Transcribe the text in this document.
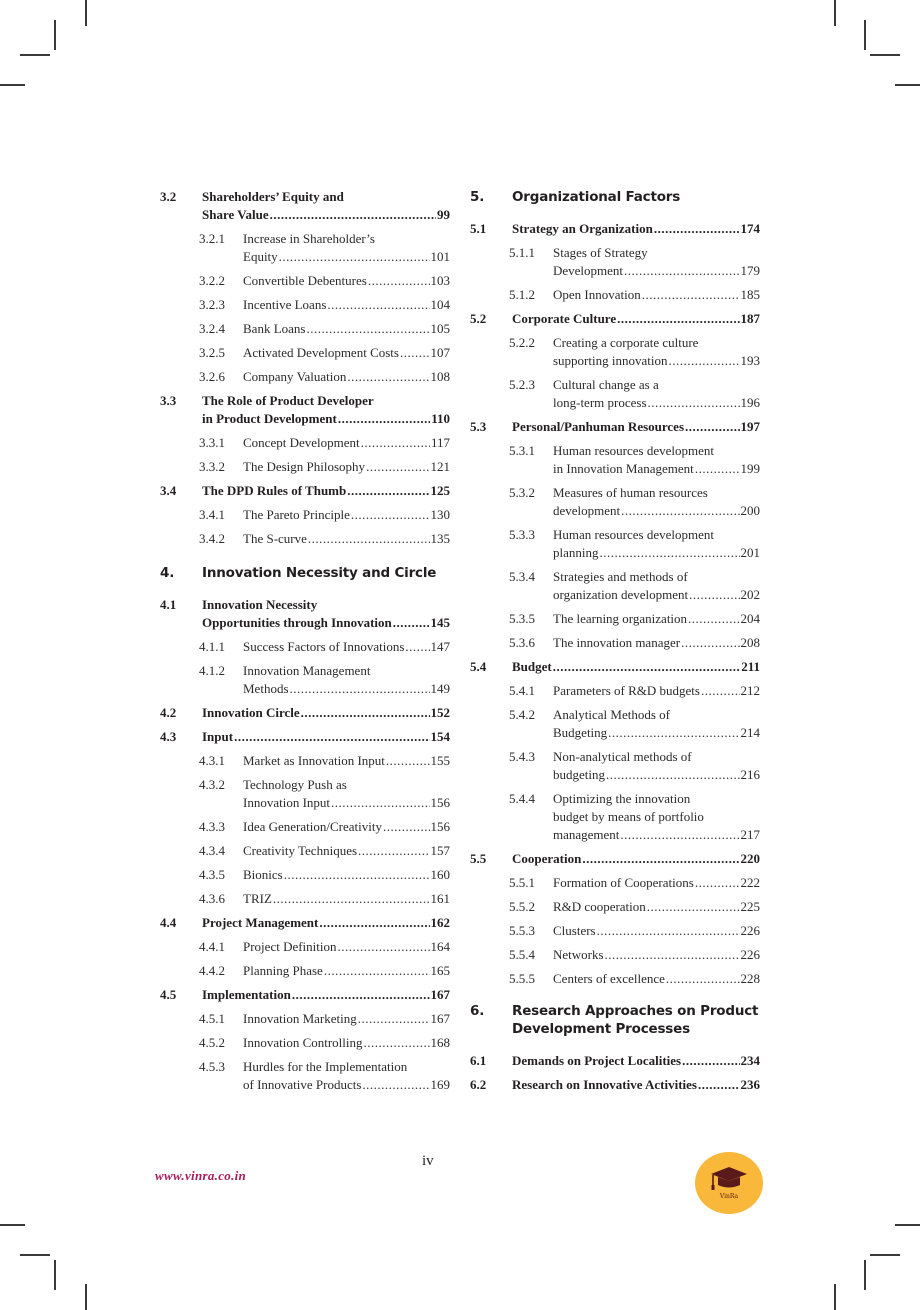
3.2	Shareholders’ Equity and
Share Value .....	99
3.2.1	Increase in Shareholder’s
Equity .....	101
3.2.2	Convertible Debentures .....	103
3.2.3	Incentive Loans .....	104
3.2.4	Bank Loans .....	105
3.2.5	Activated Development Costs ..... 107
3.2.6	Company Valuation .....	108
3.3	The Role of Product Developer
in Product Development .....	110
3.3.1	Concept Development .....	117
3.3.2	The Design Philosophy .....	121
3.4	The DPD Rules of Thumb .....	125
3.4.1	The Pareto Principle .....	130
3.4.2	The S-curve .....	135
4.	Innovation Necessity and Circle
4.1	Innovation Necessity
Opportunities through Innovation .....	145
4.1.1	Success Factors of Innovations ..... 147
4.1.2	Innovation Management
Methods .....	149
4.2	Innovation Circle .....	152
4.3	Input .....	154
4.3.1	Market as Innovation Input .....	155
4.3.2	Technology Push as
Innovation Input .....	156
4.3.3	Idea Generation/Creativity .....	156
4.3.4	Creativity Techniques .....	157
4.3.5	Bionics .....	160
4.3.6	TRIZ .....	161
4.4	Project Management .....	162
4.4.1	Project Definition .....	164
4.4.2	Planning Phase .....	165
4.5	Implementation .....	167
4.5.1	Innovation Marketing .....	167
4.5.2	Innovation Controlling .....	168
4.5.3	Hurdles for the Implementation
of Innovative Products .....	169
5.	Organizational Factors
5.1	Strategy an Organization .....	174
5.1.1	Stages of Strategy
Development .....	179
5.1.2	Open Innovation .....	185
5.2	Corporate Culture .....	187
5.2.2	Creating a corporate culture
supporting innovation .....	193
5.2.3	Cultural change as a
long-term process .....	196
5.3	Personal/Panhuman Resources .....	197
5.3.1	Human resources development
in Innovation Management .....	199
5.3.2	Measures of human resources
development .....	200
5.3.3	Human resources development
planning .....	201
5.3.4	Strategies and methods of
organization development .....	202
5.3.5	The learning organization .....	204
5.3.6	The innovation manager .....	208
5.4	Budget .....	211
5.4.1	Parameters of R&D budgets .....	212
5.4.2	Analytical Methods of
Budgeting .....	214
5.4.3	Non-analytical methods of
budgeting .....	216
5.4.4	Optimizing the innovation
budget by means of portfolio
management .....	217
5.5	Cooperation .....	220
5.5.1	Formation of Cooperations .....	222
5.5.2	R&D cooperation .....	225
5.5.3	Clusters .....	226
5.5.4	Networks .....	226
5.5.5	Centers of excellence .....	228
6.	Research Approaches on Product Development Processes
6.1	Demands on Project Localities .....	234
6.2	Research on Innovative Activities .....	236
iv
www.vinra.co.in
VinRa
